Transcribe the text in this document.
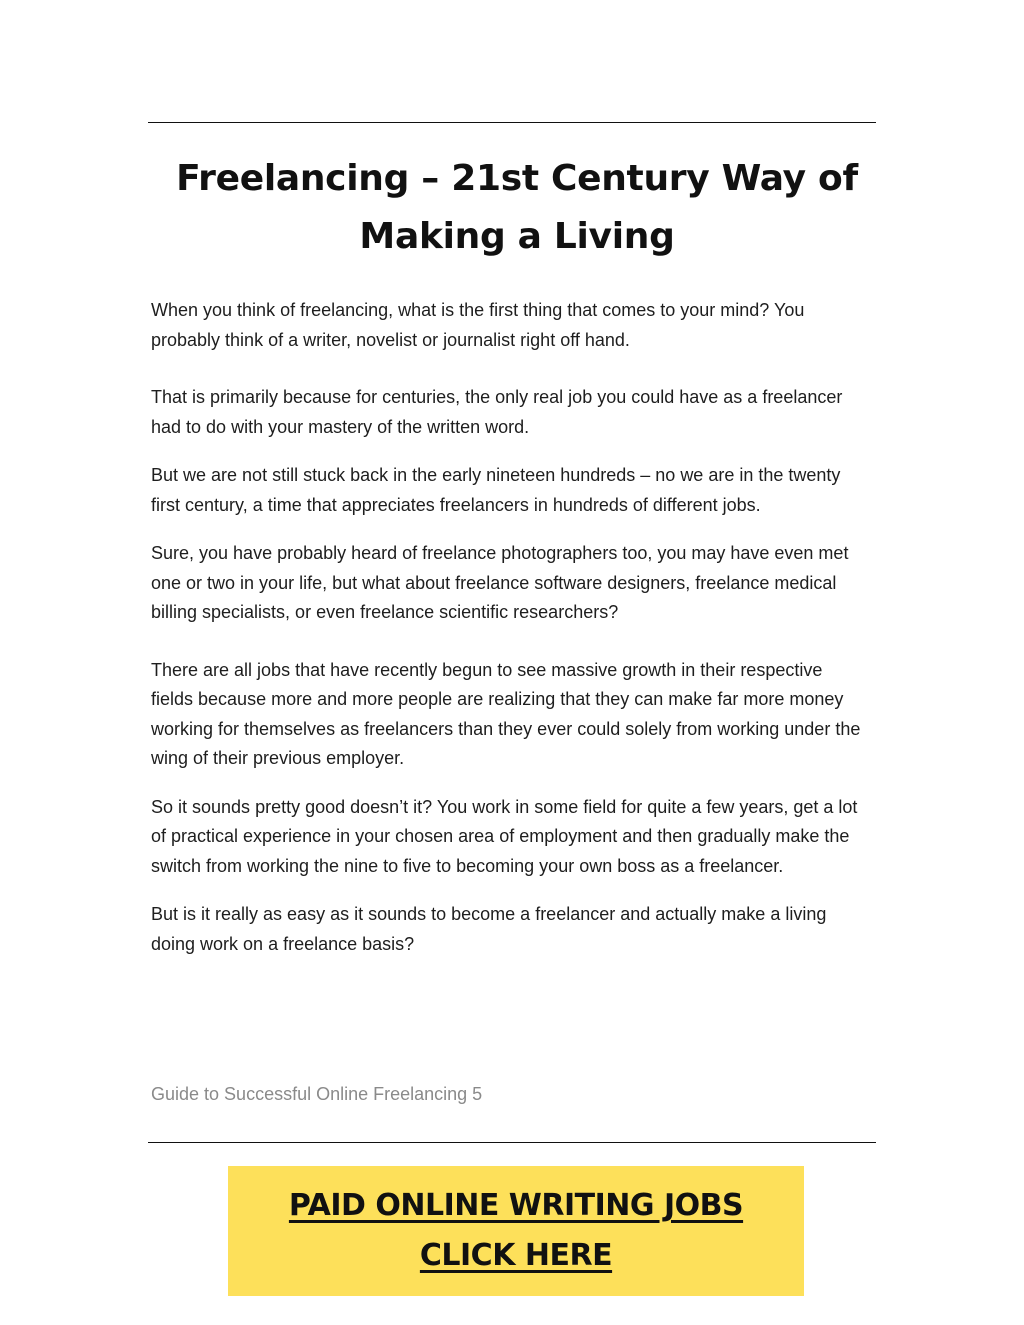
Freelancing – 21st Century Way of Making a Living

When you think of freelancing, what is the first thing that comes to your mind? You probably think of a writer, novelist or journalist right off hand.

That is primarily because for centuries, the only real job you could have as a freelancer had to do with your mastery of the written word.

But we are not still stuck back in the early nineteen hundreds – no we are in the twenty first century, a time that appreciates freelancers in hundreds of different jobs.

Sure, you have probably heard of freelance photographers too, you may have even met one or two in your life, but what about freelance software designers, freelance medical billing specialists, or even freelance scientific researchers?

There are all jobs that have recently begun to see massive growth in their respective fields because more and more people are realizing that they can make far more money working for themselves as freelancers than they ever could solely from working under the wing of their previous employer.

So it sounds pretty good doesn’t it? You work in some field for quite a few years, get a lot of practical experience in your chosen area of employment and then gradually make the switch from working the nine to five to becoming your own boss as a freelancer.

But is it really as easy as it sounds to become a freelancer and actually make a living doing work on a freelance basis?

Guide to Successful Online Freelancing 5

PAID ONLINE WRITING JOBS
CLICK HERE
